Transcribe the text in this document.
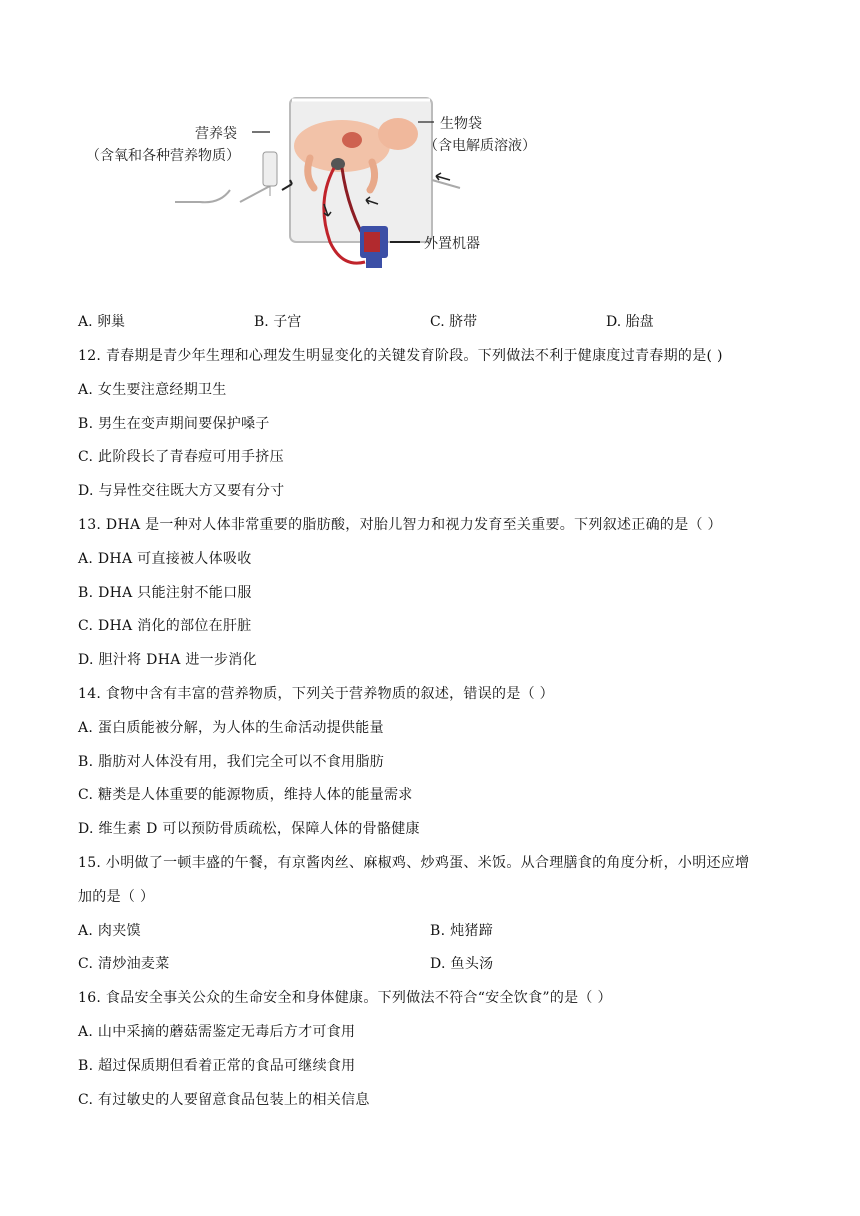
营养袋
（含氧和各种营养物质）
生物袋
（含电解质溶液）
外置机器
A. 卵巢	B. 子宫	C. 脐带	D. 胎盘
12. 青春期是青少年生理和心理发生明显变化的关键发育阶段。下列做法不利于健康度过青春期的是( )
A. 女生要注意经期卫生
B. 男生在变声期间要保护嗓子
C. 此阶段长了青春痘可用手挤压
D. 与异性交往既大方又要有分寸
13. DHA 是一种对人体非常重要的脂肪酸，对胎儿智力和视力发育至关重要。下列叙述正确的是（ ）
A. DHA 可直接被人体吸收
B. DHA 只能注射不能口服
C. DHA 消化的部位在肝脏
D. 胆汁将 DHA 进一步消化
14. 食物中含有丰富的营养物质，下列关于营养物质的叙述，错误的是（ ）
A. 蛋白质能被分解，为人体的生命活动提供能量
B. 脂肪对人体没有用，我们完全可以不食用脂肪
C. 糖类是人体重要的能源物质，维持人体的能量需求
D. 维生素 D 可以预防骨质疏松，保障人体的骨骼健康
15. 小明做了一顿丰盛的午餐，有京酱肉丝、麻椒鸡、炒鸡蛋、米饭。从合理膳食的角度分析，小明还应增
加的是（ ）
A. 肉夹馍	B. 炖猪蹄
C. 清炒油麦菜	D. 鱼头汤
16. 食品安全事关公众的生命安全和身体健康。下列做法不符合“安全饮食”的是（ ）
A. 山中采摘的蘑菇需鉴定无毒后方才可食用
B. 超过保质期但看着正常的食品可继续食用
C. 有过敏史的人要留意食品包装上的相关信息
